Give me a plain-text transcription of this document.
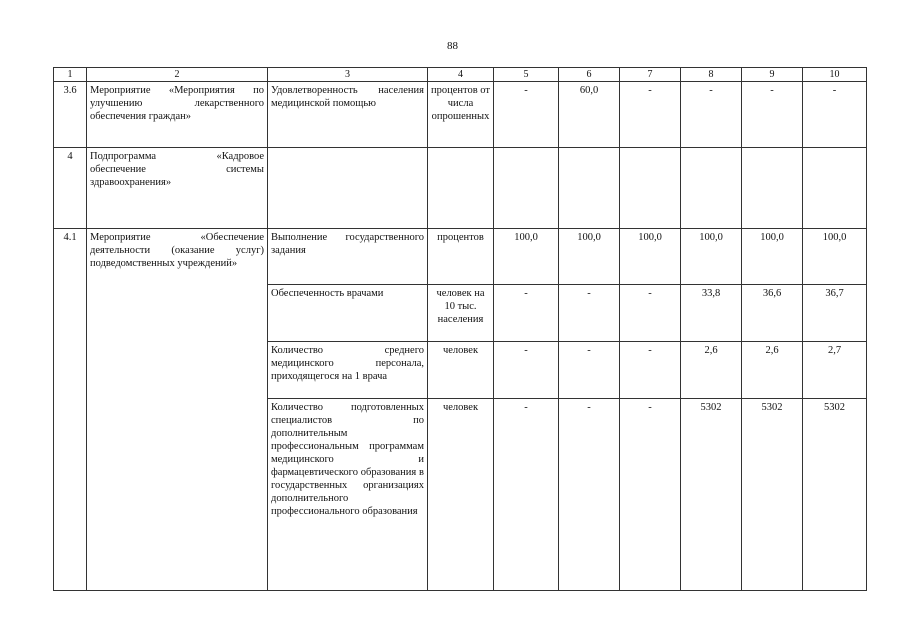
88
1	2	3	4	5	6	7	8	9	10
3.6	Мероприятие «Мероприятия по улучшению лекарственного обеспечения граждан»	Удовлетворенность населения медицинской помощью	процентов от числа опрошенных	-	60,0	-	-	-	-
4	Подпрограмма «Кадровое обеспечение системы здравоохранения»								
4.1	Мероприятие «Обеспечение деятельности (оказание услуг) подведомственных учреждений»	Выполнение государственного задания	процентов	100,0	100,0	100,0	100,0	100,0	100,0
		Обеспеченность врачами	человек на 10 тыс. населения	-	-	-	33,8	36,6	36,7
		Количество среднего медицинского персонала, приходящегося на 1 врача	человек	-	-	-	2,6	2,6	2,7
		Количество подготовленных специалистов по дополнительным профессиональным программам медицинского и фармацевтического образования в государственных организациях дополнительного профессионального образования	человек	-	-	-	5302	5302	5302
